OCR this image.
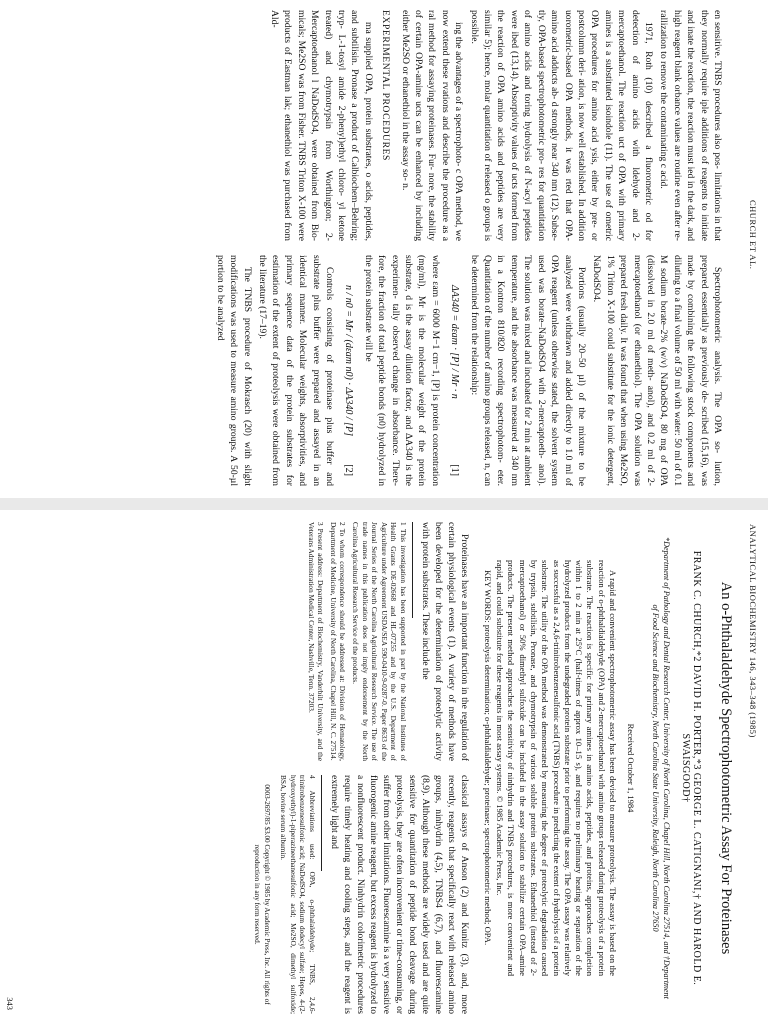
CHURCH ET AL.

en sensitive. TNBS procedures also pos- limitations in that they normally require iple additions of reagents to initiate and inate the reaction, the reaction must ied in the dark, and high reagent blank orbance values are routine even after re- rallization to remove the contaminating c acid.

1971, Roth (10) described a fluorometric od for detection of amino acids with ldehyde and 2-mercaptoethanol. The reaction uct of OPA with primary amines is a substituted isoindole (11). The use of ometric OPA procedures for amino acid ysis, either by pre- or postcolumn deri- ation, is now well established. In addition uorometric-based OPA methods, it was rted that OPA-amino acid adducts ab- d strongly near 340 nm (12). Subse- tly, OPA-based spectrophotometric pro- res for quantitation of amino acids and toring hydrolysis of N-acyl peptides were ibed (13,14). Absorptivity values of ucts formed from the reaction of OPA amino acids and peptides are very similar 5); hence, molar quantitation of released o groups is possible.

ing the advantages of a spectrophoto- c OPA method, we now extend these rvations and describe the procedure as a ral method for assaying proteinases. Fur- nore, the stability of certain OPA-amine ucts can be enhanced by including either Me2SO or ethanethiol in the assay so- n.

EXPERIMENTAL PROCEDURES

ma supplied OPA, protein substrates, o acids, peptides, and subtilisin. Pronase a product of Calbiochem–Behring; tryp- L-1-tosyl amide 2-phenyl)ethyl chloro- yl ketone treated) and chymotrypsin from Worthington; 2-Mercaptoethanol l NaDodSO4, were obtained from Bio- micals; Me2SO was from Fisher. TNBS Triton X-100 were products of Eastman lak; ethanethiol was purchased from Ald-

Spectrophotometric analysis. The OPA so- lution, prepared essentially as previously de- scribed (15,16), was made by combining the following stock components and diluting to a final volume of 50 ml with water: 50 ml of 0.1 M sodium borate–2% (w/v) NaDodSO4, 80 mg of OPA (dissolved in 2.0 ml of meth- anol), and 0.2 ml of 2-mercaptoethanol (or ethanethiol). The OPA solution was prepared fresh daily. It was found that when using Me2SO, 1% Triton X-100 could substitute for the ionic detergent, NaDodSO4.

Portions (usually 20–50 µl) of the mixture to be analyzed were withdrawn and added directly to 1.0 ml of OPA reagent (unless otherwise stated, the solvent system used was borate–NaDodSO4 with 2-mercaptoeth- anol). The solution was mixed and incubated for 2 min at ambient temperature, and the absorbance was measured at 340 nm in a Kontron 810/820 recording spectrophotom- eter. Quantitation of the number of amino groups released, n, can be determined from the relationship:

ΔA340 = dεam · [P] / Mr · n
[1]

where εam = 6000 M−1 cm−1, [P] is protein concentration (mg/ml), Mr is the molecular weight of the protein substrate, d is the assay dilution factor, and ΔA340 is the experimen- tally observed change in absorbance. There- fore, the fraction of total peptide bonds (n0) hydrolyzed in the protein substrate will be

n / n0 = Mr / (dεam n0) · ΔA340 / [P]
[2]

Controls consisting of proteinase plus buffer and substrate plus buffer were prepared and assayed in an identical manner. Molecular weights, absorptivities, and primary sequence data of the protein substrates for estimation of the extent of proteolysis were obtained from the literature (17–19).

The TNBS procedure of Mokrasch (20) with slight modifications was used to measure amino groups. A 50-µl portion to be analyzed

ANALYTICAL BIOCHEMISTRY 146, 343–348 (1985)
An o-Phthalaldehyde Spectrophotometric Assay For Proteinases
FRANK C. CHURCH,*2 DAVID H. PORTER,*3 GEORGE L. CATIGNANI,† AND HAROLD E. SWAISGOOD†
*Department of Pathology and Dental Research Center, University of North Carolina, Chapel Hill, North Carolina 27514, and †Department of Food Science and Biochemistry, North Carolina State University, Raleigh, North Carolina 27650
Received October 1, 1984

A rapid and convenient spectrophotometric assay has been devised to measure proteolysis. The assay is based on the reaction of o-phthaldialdehyde (OPA) and 2-mercaptoethanol with amino groups released during proteolysis of a protein substrate. The reaction is specific for primary amines in amino acids, peptides, and proteins, approaches completion within 1 to 2 min at 25°C (half-times of approx 10–15 s), and requires no preliminary heating or separation of the hydrolyzed products from the undegraded protein substrate prior to performing the assay. The OPA assay was relatively as successful as a 2,4,6-trinitrobenzenesulfonic acid (TNBS) procedure in predicting the extent of hydrolysis of a protein substrate. The utility of the OPA method was demonstrated by measuring the degree of proteolytic degradation caused by trypsin, subtilisin, Pronase, and chymotrypsin of various soluble protein substrates. Ethanethiol (instead of 2-mercaptoethanol) or 50% dimethyl sulfoxide can be included in the assay solution to stabilize certain OPA–amine products. The present method approaches the sensitivity of ninhydrin and TNBS procedures, is more convenient and rapid, and could substitute for these reagents in most assay systems. © 1985 Academic Press, Inc.

KEY WORDS: proteolysis determination; o-phthaldialdehyde; proteinase; spectrophotometric method; OPA.

Proteinases have an important function in the regulation of certain physiological events (1). A variety of methods have been developed for the determination of proteolytic activity with protein substrates. These include the

1 This investigation has been supported in part by the National Institutes of Health Grants DE-02668 and HL-07255 and by the U.S. Department of Agriculture under Agreement USDA/SEA 590-0410-9-0287-0. Paper 8633 of the Journal Series of the North Carolina Agricultural Research Service. The use of trade names in this publication does not imply endorsement by the North Carolina Agricultural Research Service of the products.

2 To whom correspondence should be addressed at: Division of Hematology, Department of Medicine, University of North Carolina, Chapel Hill, N. C. 27514.

3 Present address: Department of Biochemistry, Vanderbilt University, and the Veterans Administration Medical Center, Nashville, Tenn. 37203.

classical assays of Anson (2) and Kunitz (3), and, more recently, reagents that specifically react with released amino groups, ninhydrin (4,5), TNBS4 (6,7), and fluorescamine (8,9). Although these methods are widely used and are quite sensitive for quantitation of peptide bond cleavage during proteolysis, they are often inconvenient or time-consuming, or suffer from other limitations. Fluorescamine is a very sensitive fluorogenic amine reagent, but excess reagent is hydrolyzed to a nonfluorescent product. Ninhydrin colorimetric procedures require timely heating and cooling steps, and the reagent is extremely light and

4 Abbreviations used: OPA, o-phthalaldehyde; TNBS, 2,4,6-trinitrobenzenesulfonic acid; NaDodSO4, sodium dodecyl sulfate; Hepes, 4-(2-hydroxyethyl)-1-piperazineethanesulfonic acid; Me2SO, dimethyl sulfoxide; BSA, bovine serum albumin.

0003-2697/85 $3.00 Copyright © 1985 by Academic Press, Inc. All rights of reproduction in any form reserved.
343
